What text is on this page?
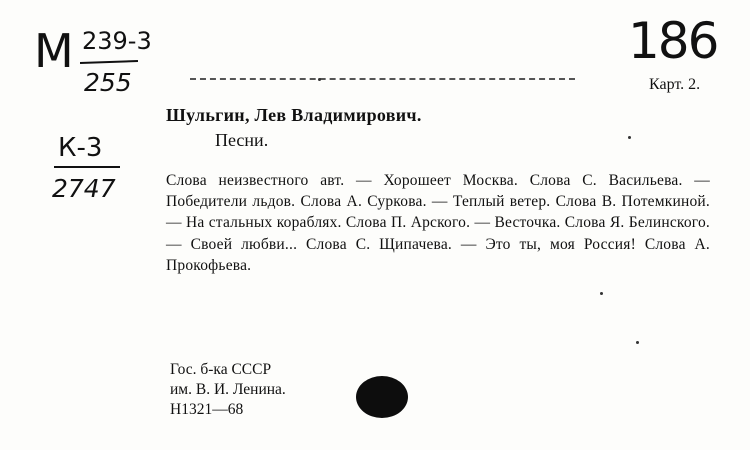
М 239-3
255
К-3
2747
186
Карт. 2.
Шульгин, Лев Владимирович.
Песни.

Слова неизвестного авт. — Хорошеет Москва. Слова С. Васильева. — Победители льдов. Слова А. Суркова. — Теплый ветер. Слова В. Потемкиной. — На стальных кораблях. Слова П. Арского. — Весточка. Слова Я. Белинского. — Своей любви... Слова С. Щипачева. — Это ты, моя Россия! Слова А. Прокофьева.

Гос. б-ка СССР
им. В. И. Ленина.
Н1321—68
